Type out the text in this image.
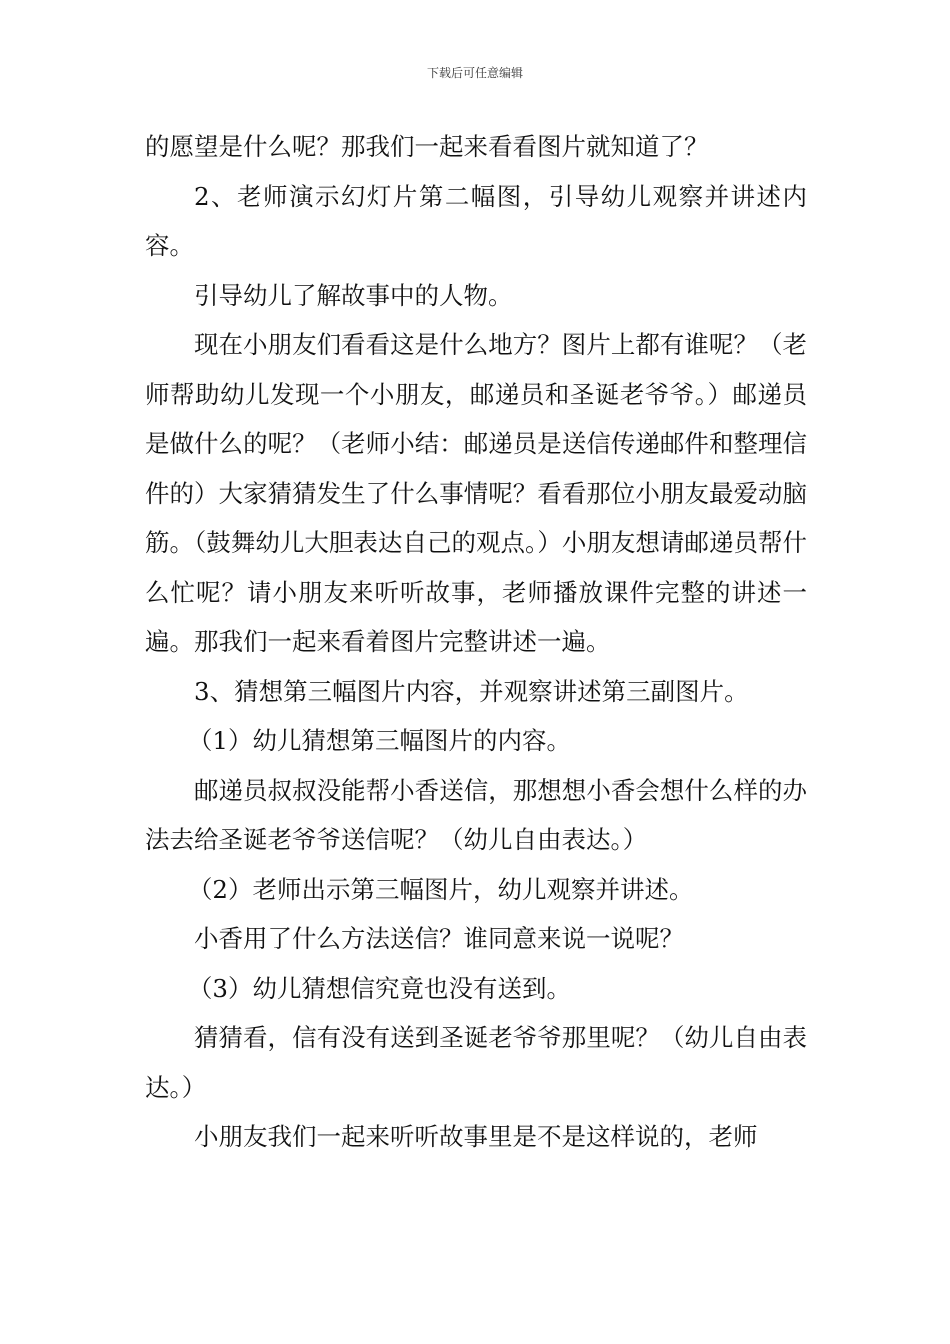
下载后可任意编辑

的愿望是什么呢？那我们一起来看看图片就知道了？

2、老师演示幻灯片第二幅图，引导幼儿观察并讲述内容。

引导幼儿了解故事中的人物。

现在小朋友们看看这是什么地方？图片上都有谁呢？（老师帮助幼儿发现一个小朋友，邮递员和圣诞老爷爷。）邮递员是做什么的呢？（老师小结：邮递员是送信传递邮件和整理信件的）大家猜猜发生了什么事情呢？看看那位小朋友最爱动脑筋。（鼓舞幼儿大胆表达自己的观点。）小朋友想请邮递员帮什么忙呢？请小朋友来听听故事，老师播放课件完整的讲述一遍。那我们一起来看着图片完整讲述一遍。

3、猜想第三幅图片内容，并观察讲述第三副图片。

（1）幼儿猜想第三幅图片的内容。

邮递员叔叔没能帮小香送信，那想想小香会想什么样的办法去给圣诞老爷爷送信呢？（幼儿自由表达。）

（2）老师出示第三幅图片，幼儿观察并讲述。

小香用了什么方法送信？谁同意来说一说呢？

（3）幼儿猜想信究竟也没有送到。

猜猜看，信有没有送到圣诞老爷爷那里呢？（幼儿自由表达。）

小朋友我们一起来听听故事里是不是这样说的，老师
